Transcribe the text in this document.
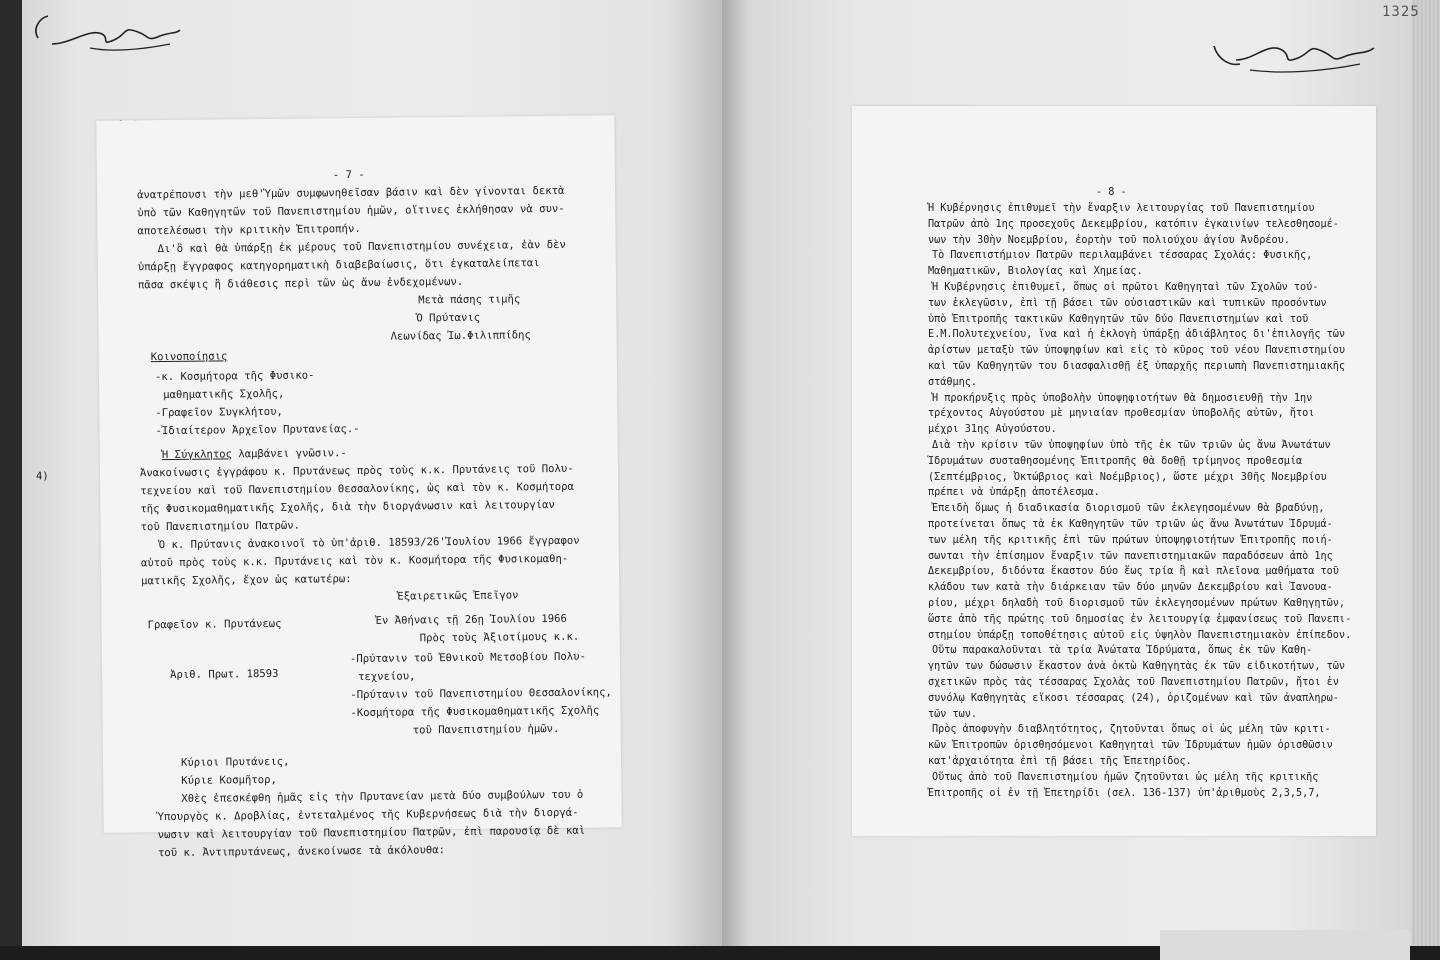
1325
- 7 -
ἀνατρέπουσι τὴν μεθ'Ὑμῶν συμφωνηθεῖσαν βάσιν καὶ δὲν γίνονται δεκτὰ
ὑπὸ τῶν Καθηγητῶν τοῦ Πανεπιστημίου ἡμῶν, οἵτινες ἐκλήθησαν νὰ συν-
αποτελέσωσι τὴν κριτικὴν Ἐπιτροπήν.
Δι'ὃ καὶ θὰ ὑπάρξῃ ἐκ μέρους τοῦ Πανεπιστημίου συνέχεια, ἐὰν δὲν
ὑπάρξῃ ἔγγραφος κατηγορηματικὴ διαβεβαίωσις, ὅτι ἐγκαταλείπεται
πᾶσα σκέψις ἢ διάθεσις περὶ τῶν ὡς ἄνω ἐνδεχομένων.
Μετὰ πάσης τιμῆς
Ὁ Πρύτανις
Λεωνίδας Ἰω.Φιλιππίδης
Κοινοποίησις
-κ. Κοσμήτορα τῆς Φυσικο-
μαθηματικῆς Σχολῆς,
-Γραφεῖον Συγκλήτου,
-Ἰδιαίτερον Ἀρχεῖον Πρυτανείας.-
Ἡ Σύγκλητος λαμβάνει γνῶσιν.-
4)	Ἀνακοίνωσις ἐγγράφου κ. Πρυτάνεως πρὸς τοὺς κ.κ. Πρυτάνεις τοῦ Πολυ-
τεχνείου καὶ τοῦ Πανεπιστημίου Θεσσαλονίκης, ὡς καὶ τὸν κ. Κοσμήτορα
τῆς Φυσικομαθηματικῆς Σχολῆς, διὰ τὴν διοργάνωσιν καὶ λειτουργίαν
τοῦ Πανεπιστημίου Πατρῶν.
Ὁ κ. Πρύτανις ἀνακοινοῖ τὸ ὑπ'ἀριθ. 18593/26'Ἰουλίου 1966 ἔγγραφον
αὐτοῦ πρὸς τοὺς κ.κ. Πρυτάνεις καὶ τὸν κ. Κοσμήτορα τῆς Φυσικομαθη-
ματικῆς Σχολῆς, ἔχον ὡς κατωτέρω:
Ἐξαιρετικῶς Ἐπεῖγον
Γραφεῖον κ. Πρυτάνεως	Ἐν Ἀθήναις τῇ 26ῃ Ἰουλίου 1966
Πρὸς τοὺς Ἀξιοτίμους κ.κ.
-Πρύτανιν τοῦ Ἐθνικοῦ Μετσοβίου Πολυ-
τεχνείου,
Ἀριθ. Πρωτ. 18593
-Πρύτανιν τοῦ Πανεπιστημίου Θεσσαλονίκης,
-Κοσμήτορα τῆς Φυσικομαθηματικῆς Σχολῆς
τοῦ Πανεπιστημίου ἡμῶν.
Κύριοι Πρυτάνεις,
Κύριε Κοσμῆτορ,
Χθὲς ἐπεσκέφθη ἡμᾶς εἰς τὴν Πρυτανείαν μετὰ δύο συμβούλων του ὁ
Ὑπουργὸς κ. Δροβλίας, ἐντεταλμένος τῆς Κυβερνήσεως διὰ τὴν διοργά-
νωσιν καὶ λειτουργίαν τοῦ Πανεπιστημίου Πατρῶν, ἐπὶ παρουσίᾳ δὲ καὶ
τοῦ κ. Ἀντιπρυτάνεως, ἀνεκοίνωσε τὰ ἀκόλουθα:
- 8 -
Ἡ Κυβέρνησις ἐπιθυμεῖ τὴν ἔναρξιν λειτουργίας τοῦ Πανεπιστημίου
Πατρῶν ἀπὸ 1ης προσεχοῦς Δεκεμβρίου, κατόπιν ἐγκαινίων τελεσθησομέ-
νων τὴν 30ὴν Νοεμβρίου, ἑορτὴν τοῦ πολιούχου ἁγίου Ἀνδρέου.
Τὸ Πανεπιστήμιον Πατρῶν περιλαμβάνει τέσσαρας Σχολάς: Φυσικῆς,
Μαθηματικῶν, Βιολογίας καὶ Χημείας.
Ἡ Κυβέρνησις ἐπιθυμεῖ, ὅπως οἱ πρῶτοι Καθηγηταὶ τῶν Σχολῶν τού-
των ἐκλεγῶσιν, ἐπὶ τῇ βάσει τῶν οὐσιαστικῶν καὶ τυπικῶν προσόντων
ὑπὸ Ἐπιτροπῆς τακτικῶν Καθηγητῶν τῶν δύο Πανεπιστημίων καὶ τοῦ
Ε.Μ.Πολυτεχνείου, ἵνα καὶ ἡ ἐκλογὴ ὑπάρξῃ ἀδιάβλητος δι'ἐπιλογῆς τῶν
ἀρίστων μεταξὺ τῶν ὑποψηφίων καὶ εἰς τὸ κῦρος τοῦ νέου Πανεπιστημίου
καὶ τῶν Καθηγητῶν του διασφαλισθῇ ἐξ ὑπαρχῆς περιωπὴ Πανεπιστημιακῆς
στάθμης.
Ἡ προκήρυξις πρὸς ὑποβολὴν ὑποψηφιοτήτων θὰ δημοσιευθῇ τὴν 1ην
τρέχοντος Αὐγούστου μὲ μηνιαίαν προθεσμίαν ὑποβολῆς αὐτῶν, ἤτοι
μέχρι 31ης Αὐγούστου.
Διὰ τὴν κρίσιν τῶν ὑποψηφίων ὑπὸ τῆς ἐκ τῶν τριῶν ὡς ἄνω Ἀνωτάτων
Ἱδρυμάτων συσταθησομένης Ἐπιτροπῆς θὰ δοθῇ τρίμηνος προθεσμία
(Σεπτέμβριος, Ὀκτώβριος καὶ Νοέμβριος), ὥστε μέχρι 30ῆς Νοεμβρίου
πρέπει νὰ ὑπάρξῃ ἀποτέλεσμα.
Ἐπειδὴ ὅμως ἡ διαδικασία διορισμοῦ τῶν ἐκλεγησομένων θὰ βραδύνῃ,
προτείνεται ὅπως τὰ ἐκ Καθηγητῶν τῶν τριῶν ὡς ἄνω Ἀνωτάτων Ἱδρυμά-
των μέλη τῆς κριτικῆς ἐπὶ τῶν πρώτων ὑποψηφιοτήτων Ἐπιτροπῆς ποιή-
σωνται τὴν ἐπίσημον ἔναρξιν τῶν πανεπιστημιακῶν παραδόσεων ἀπὸ 1ης
Δεκεμβρίου, διδόντα ἕκαστον δύο ἕως τρία ἢ καὶ πλεῖονα μαθήματα τοῦ
κλάδου των κατὰ τὴν διάρκειαν τῶν δύο μηνῶν Δεκεμβρίου καὶ Ἰανουα-
ρίου, μέχρι δηλαδὴ τοῦ διορισμοῦ τῶν ἐκλεγησομένων πρώτων Καθηγητῶν,
ὥστε ἀπὸ τῆς πρώτης τοῦ δημοσίας ἐν λειτουργίᾳ ἐμφανίσεως τοῦ Πανεπι-
στημίου ὑπάρξῃ τοποθέτησις αὐτοῦ εἰς ὑψηλὸν Πανεπιστημιακὸν ἐπίπεδον.
Οὕτω παρακαλοῦνται τὰ τρία Ἀνώτατα Ἱδρύματα, ὅπως ἐκ τῶν Καθη-
γητῶν των δώσωσιν ἕκαστον ἀνὰ ὀκτὼ Καθηγητὰς ἐκ τῶν εἰδικοτήτων, τῶν
σχετικῶν πρὸς τὰς τέσσαρας Σχολὰς τοῦ Πανεπιστημίου Πατρῶν, ἤτοι ἐν
συνόλῳ Καθηγητὰς εἴκοσι τέσσαρας (24), ὁριζομένων καὶ τῶν ἀναπληρω-
τῶν των.
Πρὸς ἀποφυγὴν διαβλητότητος, ζητοῦνται ὅπως οἱ ὡς μέλη τῶν κριτι-
κῶν Ἐπιτροπῶν ὁρισθησόμενοι Καθηγηταὶ τῶν Ἱδρυμάτων ἡμῶν ὁρισθῶσιν
κατ'ἀρχαιότητα ἐπὶ τῇ βάσει τῆς Ἐπετηρίδος.
Οὕτως ἀπὸ τοῦ Πανεπιστημίου ἡμῶν ζητοῦνται ὡς μέλη τῆς κριτικῆς
Ἐπιτροπῆς οἱ ἐν τῇ Ἐπετηρίδι (σελ. 136-137) ὑπ'ἀριθμοὺς 2,3,5,7,
